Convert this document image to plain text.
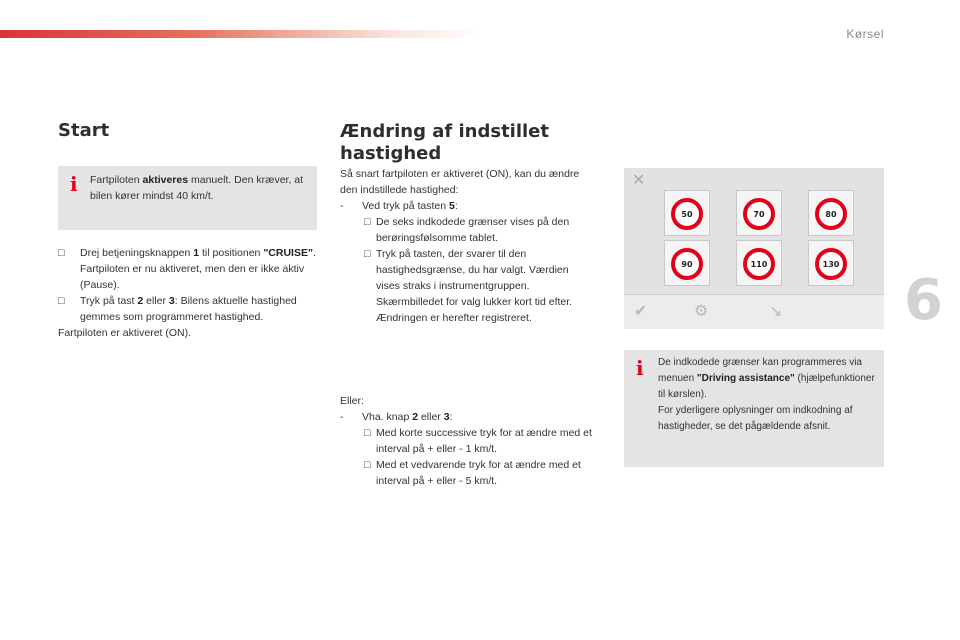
Kørsel
6
Start
i Fartpiloten aktiveres manuelt. Den kræver, at bilen kører mindst 40 km/t.
□ Drej betjeningsknappen 1 til positionen "CRUISE". Fartpiloten er nu aktiveret, men den er ikke aktiv (Pause).
□ Tryk på tast 2 eller 3: Bilens aktuelle hastighed gemmes som programmeret hastighed.
Fartpiloten er aktiveret (ON).
Ændring af indstillet hastighed
Så snart fartpiloten er aktiveret (ON), kan du ændre den indstillede hastighed:
- Ved tryk på tasten 5:
□ De seks indkodede grænser vises på den berøringsfølsomme tablet.
□ Tryk på tasten, der svarer til den hastighedsgrænse, du har valgt. Værdien vises straks i instrumentgruppen.
Skærmbilledet for valg lukker kort tid efter.
Ændringen er herefter registreret.
Eller:
- Vha. knap 2 eller 3:
□ Med korte successive tryk for at ændre med et interval på + eller - 1 km/t.
□ Med et vedvarende tryk for at ændre med et interval på + eller - 5 km/t.
✕
50	70	80
90	110	130
✔	⚙	↘
i De indkodede grænser kan programmeres via menuen "Driving assistance" (hjælpefunktioner til kørslen).
For yderligere oplysninger om indkodning af hastigheder, se det pågældende afsnit.
